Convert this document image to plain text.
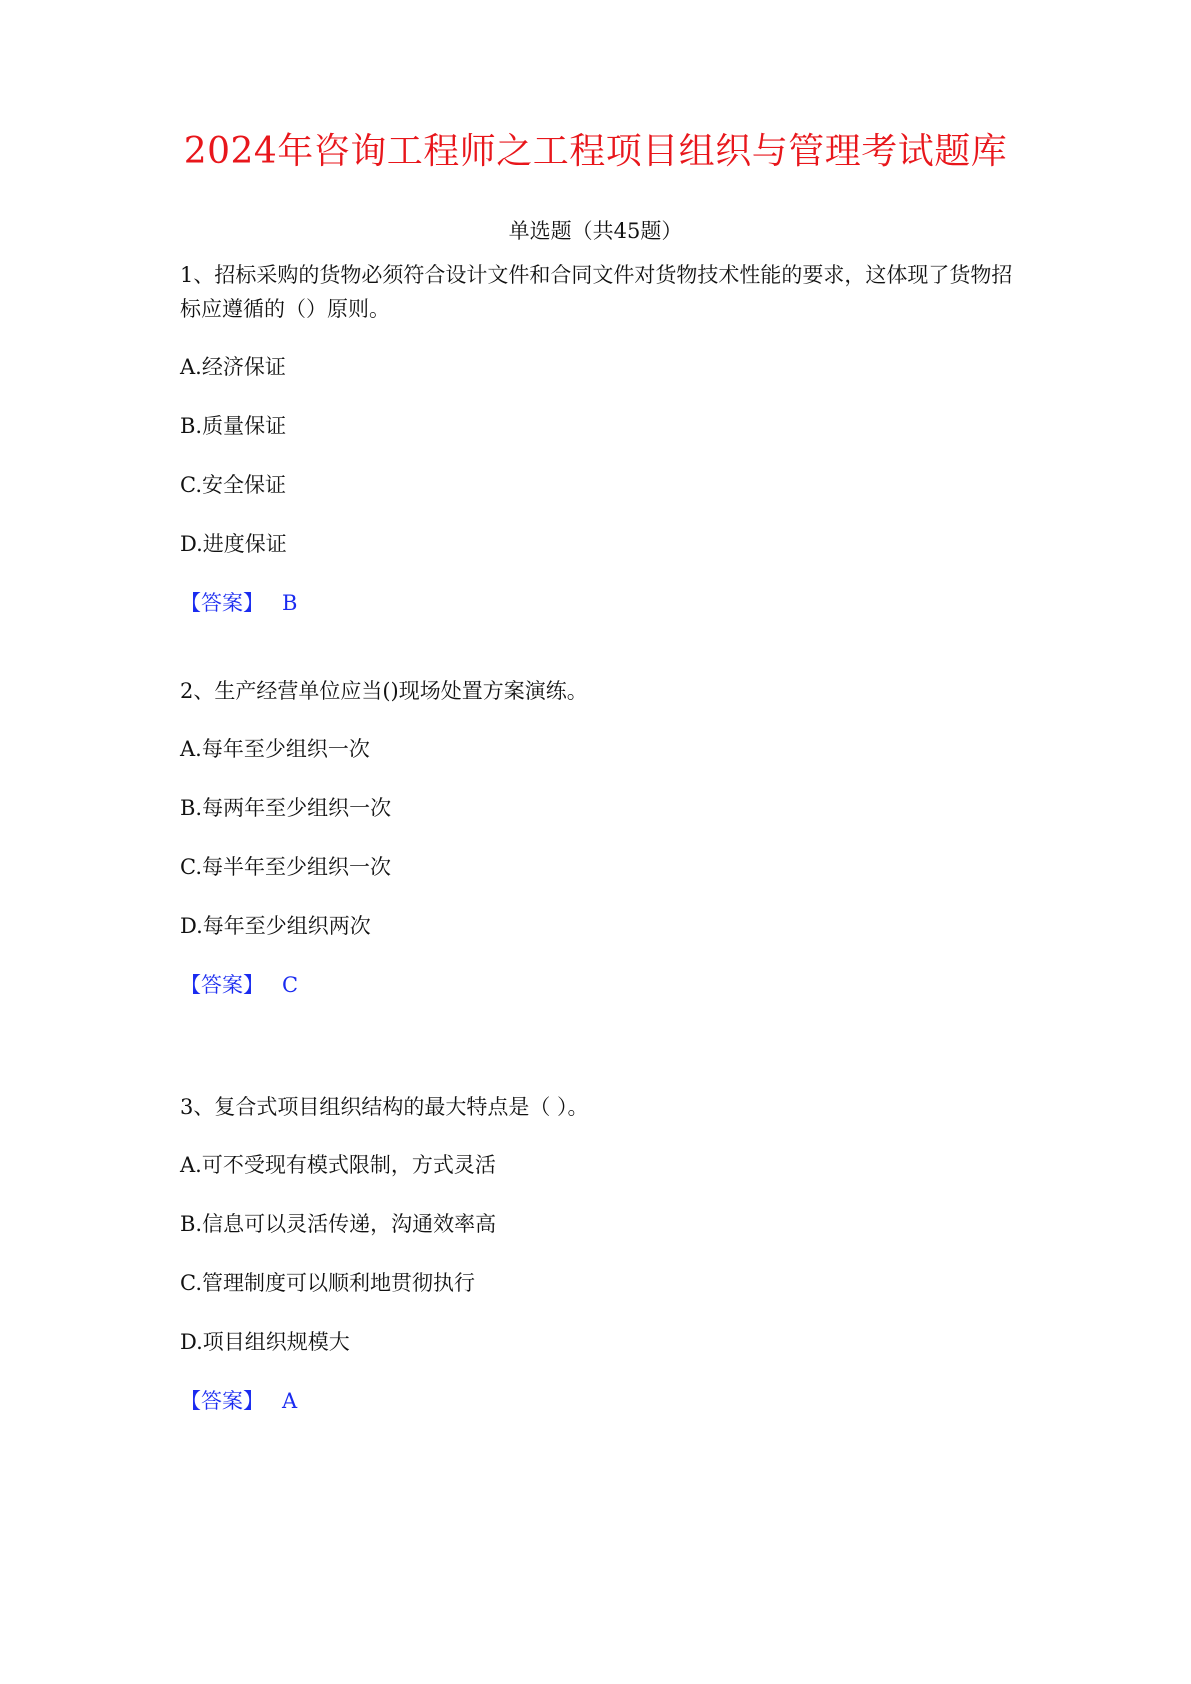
2024年咨询工程师之工程项目组织与管理考试题库
单选题（共45题）

1、招标采购的货物必须符合设计文件和合同文件对货物技术性能的要求，这体现了货物招标应遵循的（）原则。

A.经济保证
B.质量保证
C.安全保证
D.进度保证
【答案】 B

2、生产经营单位应当()现场处置方案演练。

A.每年至少组织一次
B.每两年至少组织一次
C.每半年至少组织一次
D.每年至少组织两次
【答案】 C

3、复合式项目组织结构的最大特点是（ ）。

A.可不受现有模式限制，方式灵活
B.信息可以灵活传递，沟通效率高
C.管理制度可以顺利地贯彻执行
D.项目组织规模大
【答案】 A
